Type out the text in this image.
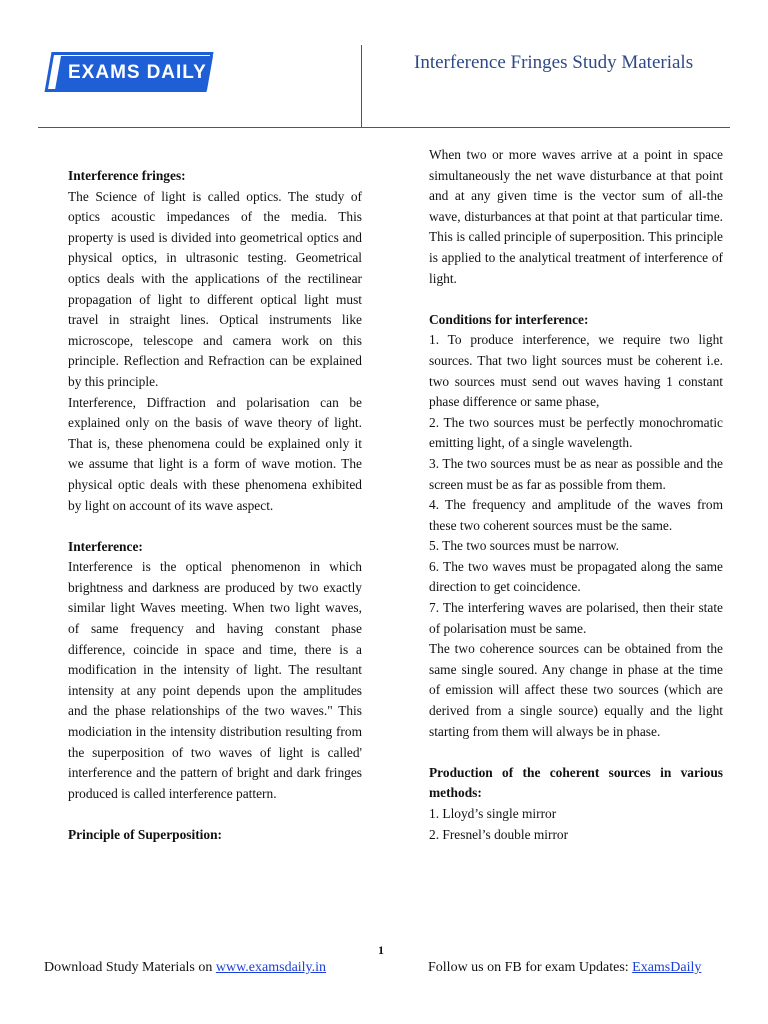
EXAMS DAILY	Interference Fringes Study Materials
Interference fringes:

The Science of light is called optics. The study of optics acoustic impedances of the media. This property is used is divided into geometrical optics and physical optics, in ultrasonic testing. Geometrical optics deals with the applications of the rectilinear propagation of light to different optical light must travel in straight lines. Optical instruments like microscope, telescope and camera work on this principle. Reflection and Refraction can be explained by this principle.

Interference, Diffraction and polarisation can be explained only on the basis of wave theory of light. That is, these phenomena could be explained only it we assume that light is a form of wave motion. The physical optic deals with these phenomena exhibited by light on account of its wave aspect.

Interference:

Interference is the optical phenomenon in which brightness and darkness are produced by two exactly similar light Waves meeting. When two light waves, of same frequency and having constant phase difference, coincide in space and time, there is a modification in the intensity of light. The resultant intensity at any point depends upon the amplitudes and the phase relationships of the two waves." This modiciation in the intensity distribution resulting from the superposition of two waves of light is called' interference and the pattern of bright and dark fringes produced is called interference pattern.

Principle of Superposition:

When two or more waves arrive at a point in space simultaneously the net wave disturbance at that point and at any given time is the vector sum of all-the wave, disturbances at that point at that particular time. This is called principle of superposition. This principle is applied to the analytical treatment of interference of light.

Conditions for interference:

1. To produce interference, we require two light sources. That two light sources must be coherent i.e. two sources must send out waves having 1 constant phase difference or same phase,

2. The two sources must be perfectly monochromatic emitting light, of a single wavelength.

3. The two sources must be as near as possible and the screen must be as far as possible from them.

4. The frequency and amplitude of the waves from these two coherent sources must be the same.

5. The two sources must be narrow.

6. The two waves must be propagated along the same direction to get coincidence.

7. The interfering waves are polarised, then their state of polarisation must be same.

The two coherence sources can be obtained from the same single soured. Any change in phase at the time of emission will affect these two sources (which are derived from a single source) equally and the light starting from them will always be in phase.

Production of the coherent sources in various methods:
1. Lloyd’s single mirror
2. Fresnel’s double mirror
1
Download Study Materials on www.examsdaily.in	Follow us on FB for exam Updates: ExamsDaily
